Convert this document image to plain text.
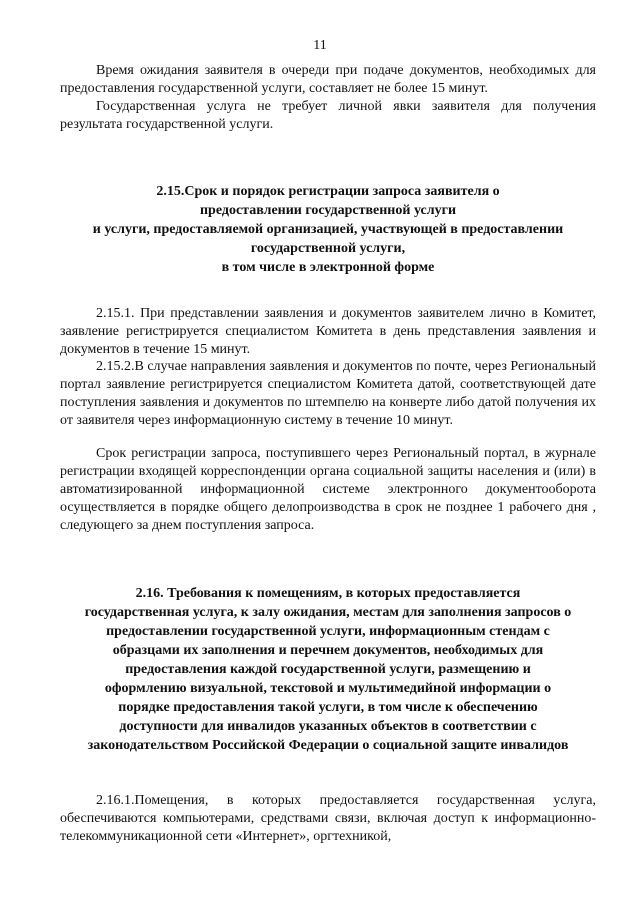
11

Время ожидания заявителя в очереди при подаче документов, необходимых для предоставления государственной услуги, составляет не более 15 минут.

Государственная услуга не требует личной явки заявителя для получения результата государственной услуги.

2.15.Срок и порядок регистрации запроса заявителя о
предоставлении государственной услуги
и услуги, предоставляемой организацией, участвующей в предоставлении
государственной услуги,
в том числе в электронной форме

2.15.1. При представлении заявления и документов заявителем лично в Комитет, заявление регистрируется специалистом Комитета в день представления заявления и документов в течение 15 минут.

2.15.2.В случае направления заявления и документов по почте, через Региональный портал заявление регистрируется специалистом Комитета датой, соответствующей дате поступления заявления и документов по штемпелю на конверте либо датой получения их от заявителя через информационную систему в течение 10 минут.

Срок регистрации запроса, поступившего через Региональный портал, в журнале регистрации входящей корреспонденции органа социальной защиты населения и (или) в автоматизированной информационной системе электронного документооборота осуществляется в порядке общего делопроизводства в срок не позднее 1 рабочего дня , следующего за днем поступления запроса.

2.16. Требования к помещениям, в которых предоставляется
государственная услуга, к залу ожидания, местам для заполнения запросов о
предоставлении государственной услуги, информационным стендам с
образцами их заполнения и перечнем документов, необходимых для
предоставления каждой государственной услуги, размещению и
оформлению визуальной, текстовой и мультимедийной информации о
порядке предоставления такой услуги, в том числе к обеспечению
доступности для инвалидов указанных объектов в соответствии с
законодательством Российской Федерации о социальной защите инвалидов

2.16.1.Помещения, в которых предоставляется государственная услуга, обеспечиваются компьютерами, средствами связи, включая доступ к информационно-телекоммуникационной сети «Интернет», оргтехникой,
